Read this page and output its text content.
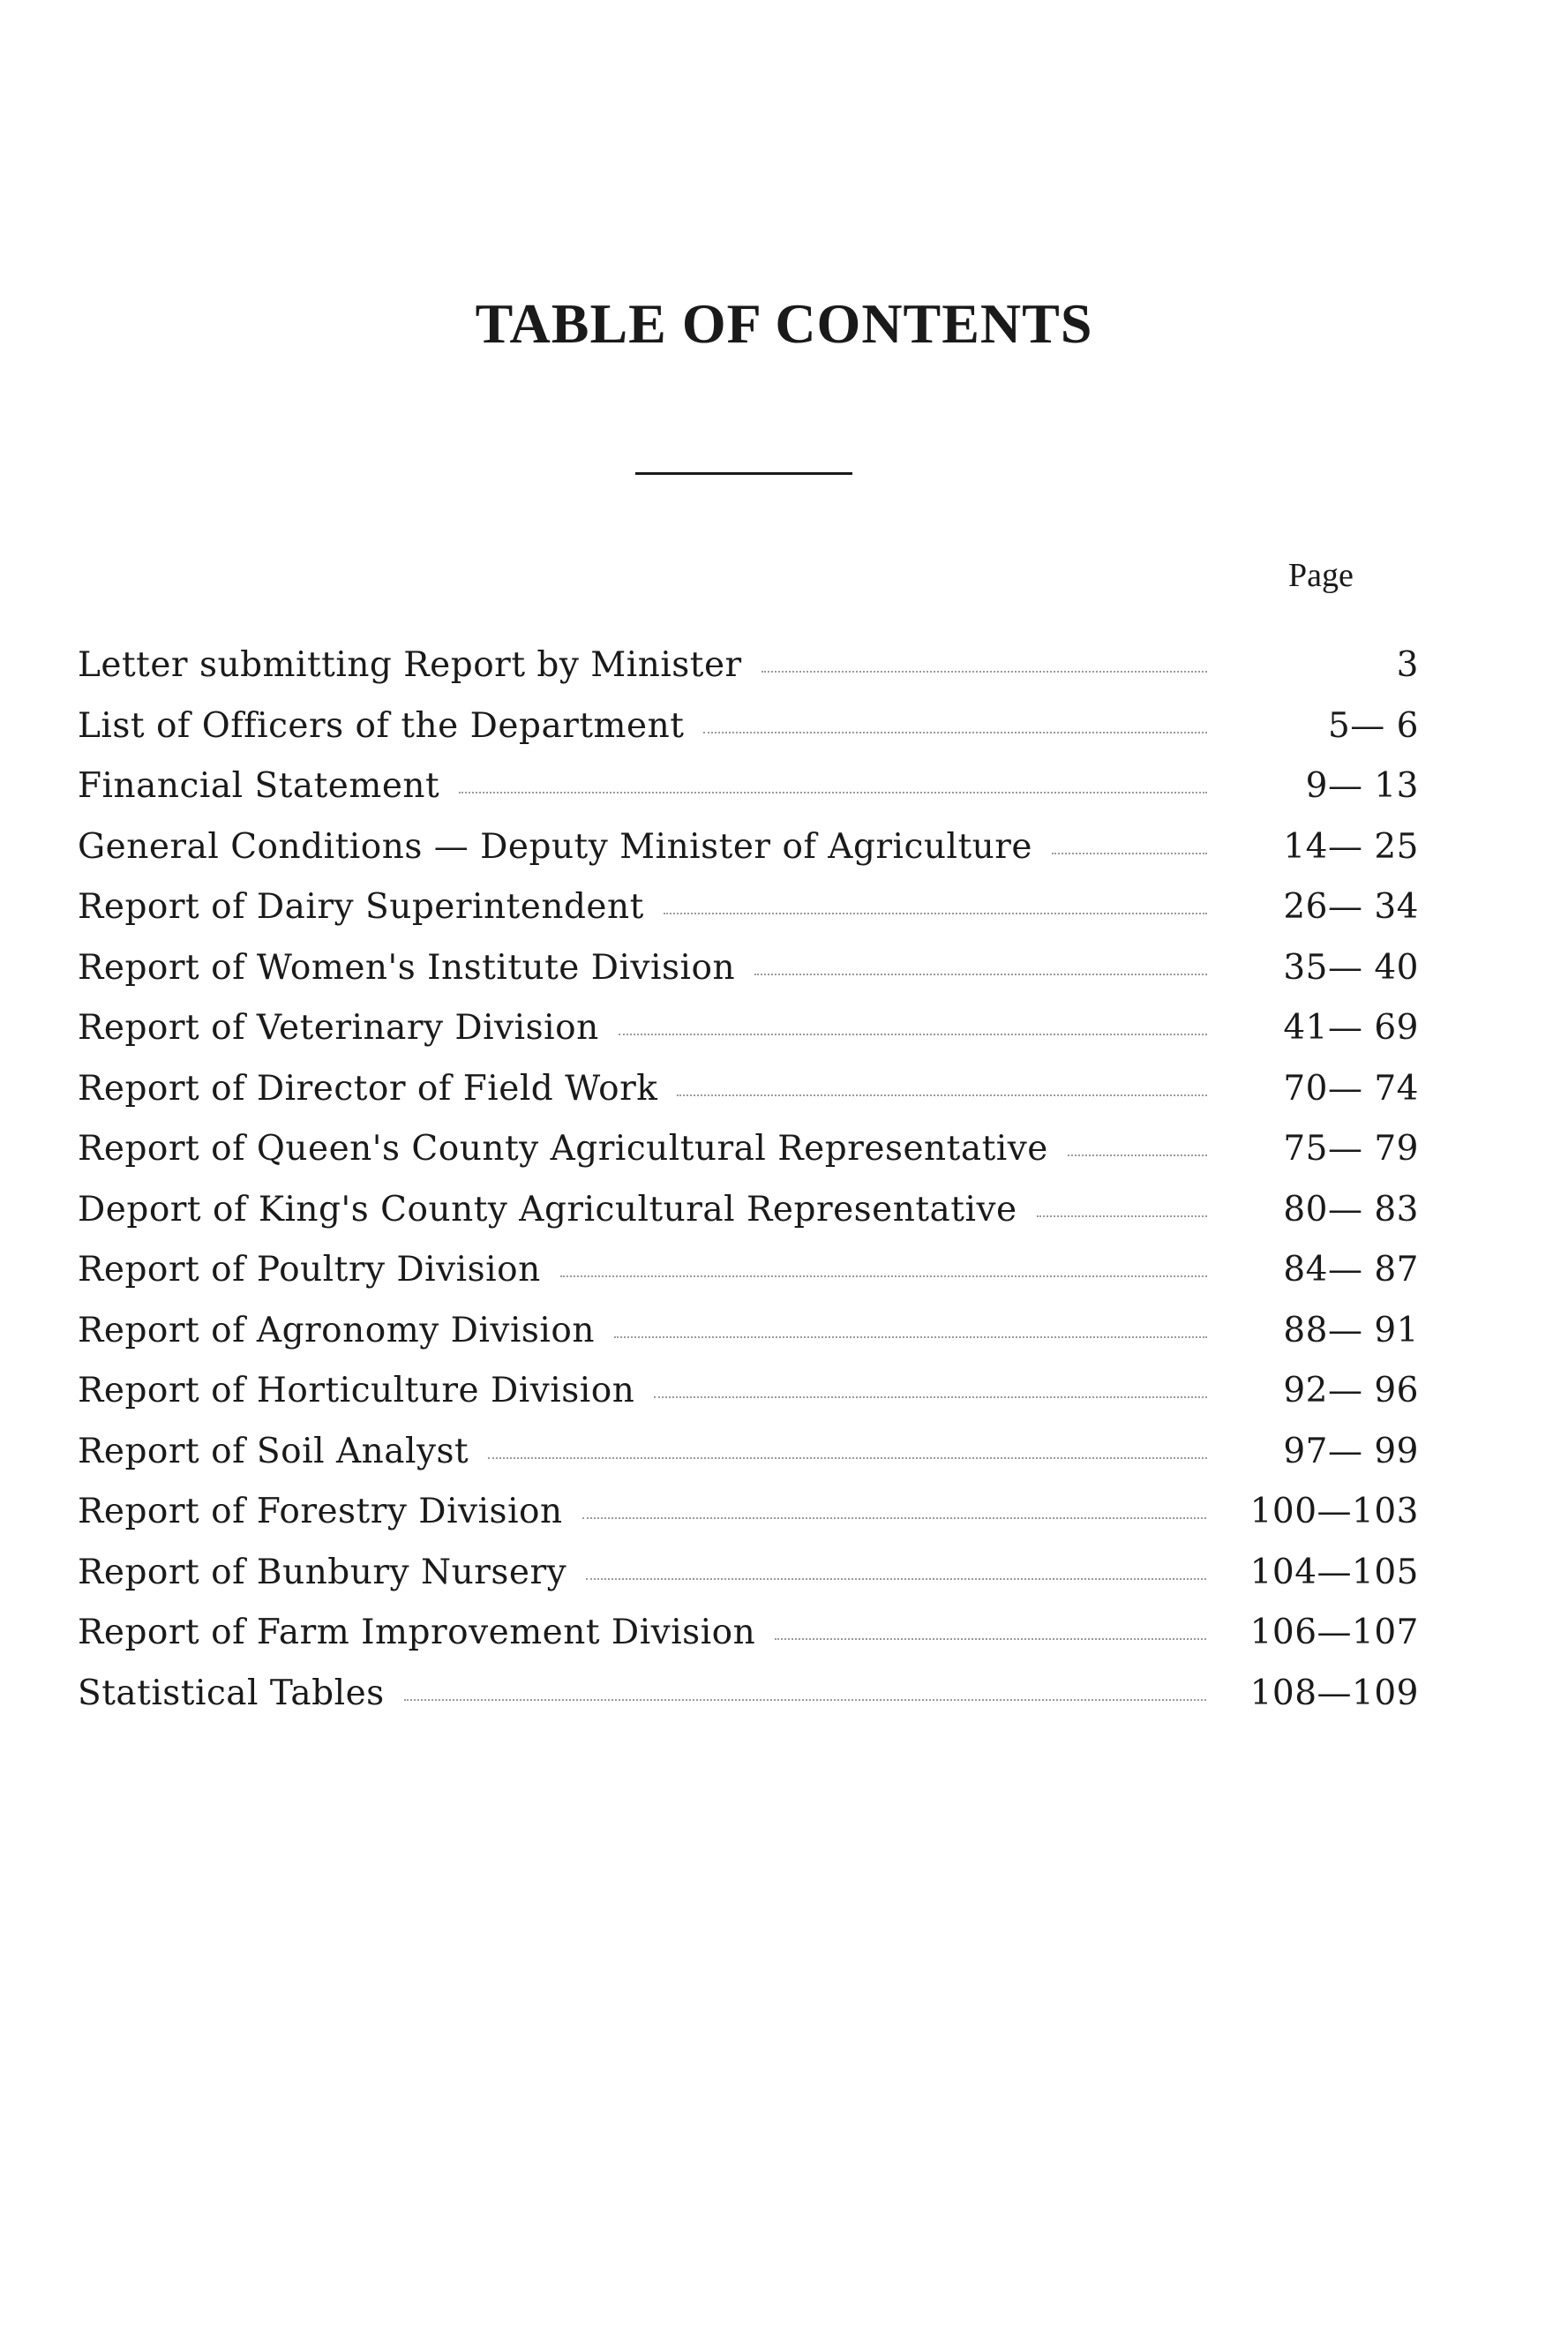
TABLE OF CONTENTS
Page
Letter submitting Report by Minister	3
List of Officers of the Department	5— 6
Financial Statement	9— 13
General Conditions — Deputy Minister of Agriculture	14— 25
Report of Dairy Superintendent	26— 34
Report of Women's Institute Division	35— 40
Report of Veterinary Division	41— 69
Report of Director of Field Work	70— 74
Report of Queen's County Agricultural Representative	75— 79
Deport of King's County Agricultural Representative	80— 83
Report of Poultry Division	84— 87
Report of Agronomy Division	88— 91
Report of Horticulture Division	92— 96
Report of Soil Analyst	97— 99
Report of Forestry Division	100—103
Report of Bunbury Nursery	104—105
Report of Farm Improvement Division	106—107
Statistical Tables	108—109
